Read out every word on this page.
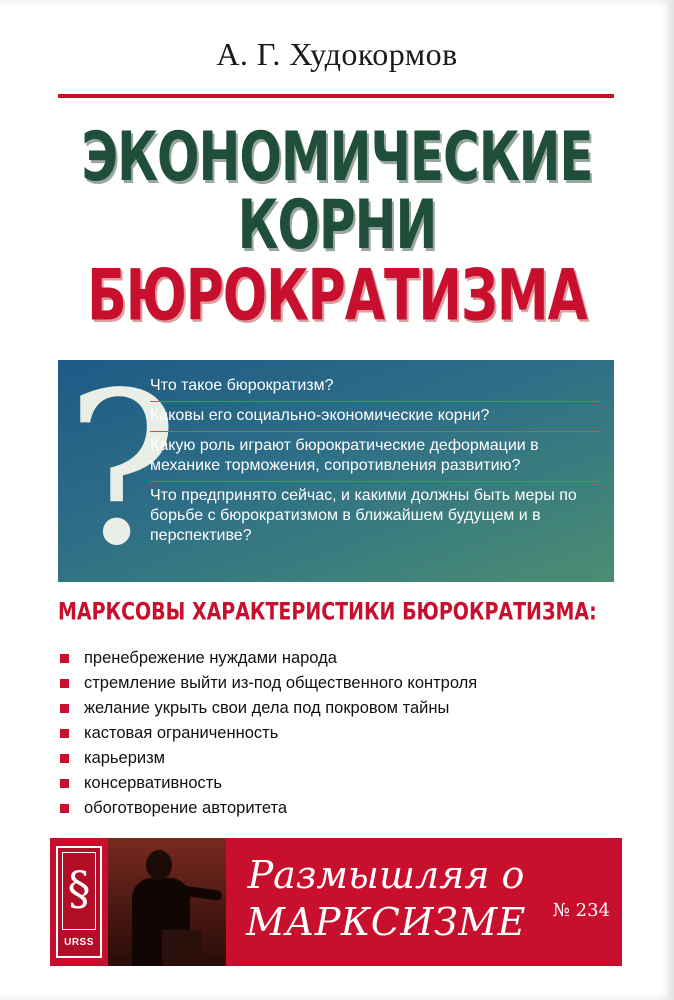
А. Г. Худокормов
ЭКОНОМИЧЕСКИЕ
КОРНИ
БЮРОКРАТИЗМА
?
Что такое бюрократизм?
Каковы его социально-экономические корни?
Какую роль играют бюрократические деформации в механике торможения, сопротивления развитию?
Что предпринято сейчас, и какими должны быть меры по борьбе с бюрократизмом в ближайшем будущем и в перспективе?
МАРКСОВЫ ХАРАКТЕРИСТИКИ БЮРОКРАТИЗМА:
пренебрежение нуждами народа
стремление выйти из-под общественного контроля
желание укрыть свои дела под покровом тайны
кастовая ограниченность
карьеризм
консервативность
обоготворение авторитета
§
URSS
Размышляя о
МАРКСИЗМЕ	№ 234
